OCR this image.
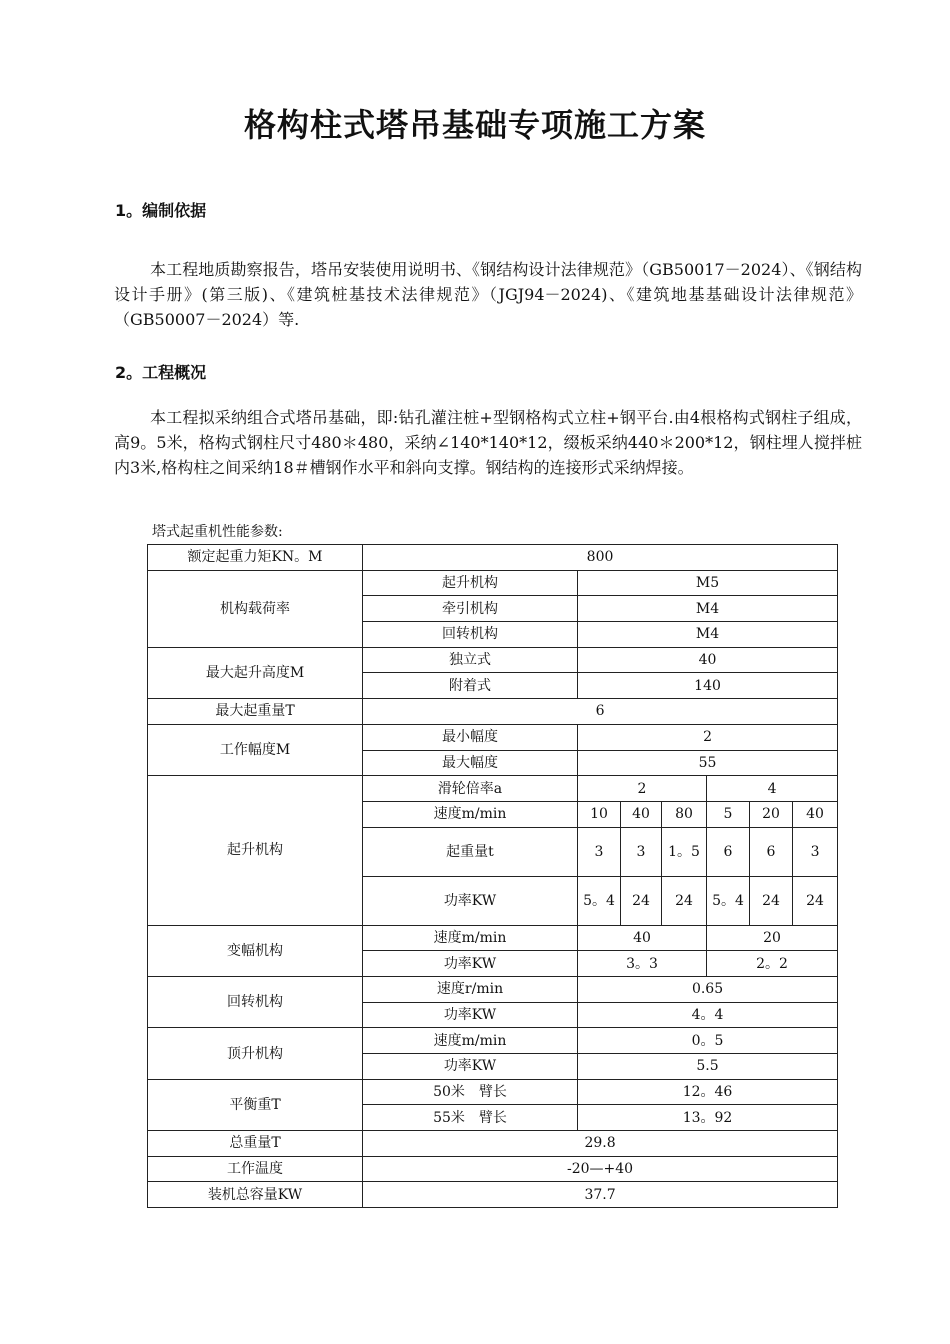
格构柱式塔吊基础专项施工方案

1。编制依据

本工程地质勘察报告，塔吊安装使用说明书、《钢结构设计法律规范》（GB50017－2024）、《钢结构设计手册》(第三版)、《建筑桩基技术法律规范》（JGJ94－2024)、《建筑地基基础设计法律规范》（GB50007－2024）等.

2。工程概况

本工程拟采纳组合式塔吊基础，即:钻孔灌注桩+型钢格构式立柱+钢平台.由4根格构式钢柱子组成，高9。5米，格构式钢柱尺寸480＊480，采纳∠140*140*12，缀板采纳440＊200*12，钢柱埋人搅拌桩内3米,格构柱之间采纳18＃槽钢作水平和斜向支撑。钢结构的连接形式采纳焊接。

塔式起重机性能参数:

额定起重力矩KN。M	800						
机构载荷率	起升机构	M5					
	牵引机构	M4					
	回转机构	M4					
最大起升高度M	独立式	40					
	附着式	140					
最大起重量T	6						
工作幅度M	最小幅度	2					
	最大幅度	55					
起升机构	滑轮倍率a	2			4		
	速度m/min	10	40	80	5	20	40
	起重量t	3	3	1。5	6	6	3
	功率KW	5。4	24	24	5。4	24	24
变幅机构	速度m/min	40			20		
	功率KW	3。3			2。2		
回转机构	速度r/min	0.65					
	功率KW	4。4					
顶升机构	速度m/min	0。5					
	功率KW	5.5					
平衡重T	50米　臂长	12。46					
	55米　臂长	13。92					
总重量T	29.8						
工作温度	-20—+40						
装机总容量KW	37.7						
